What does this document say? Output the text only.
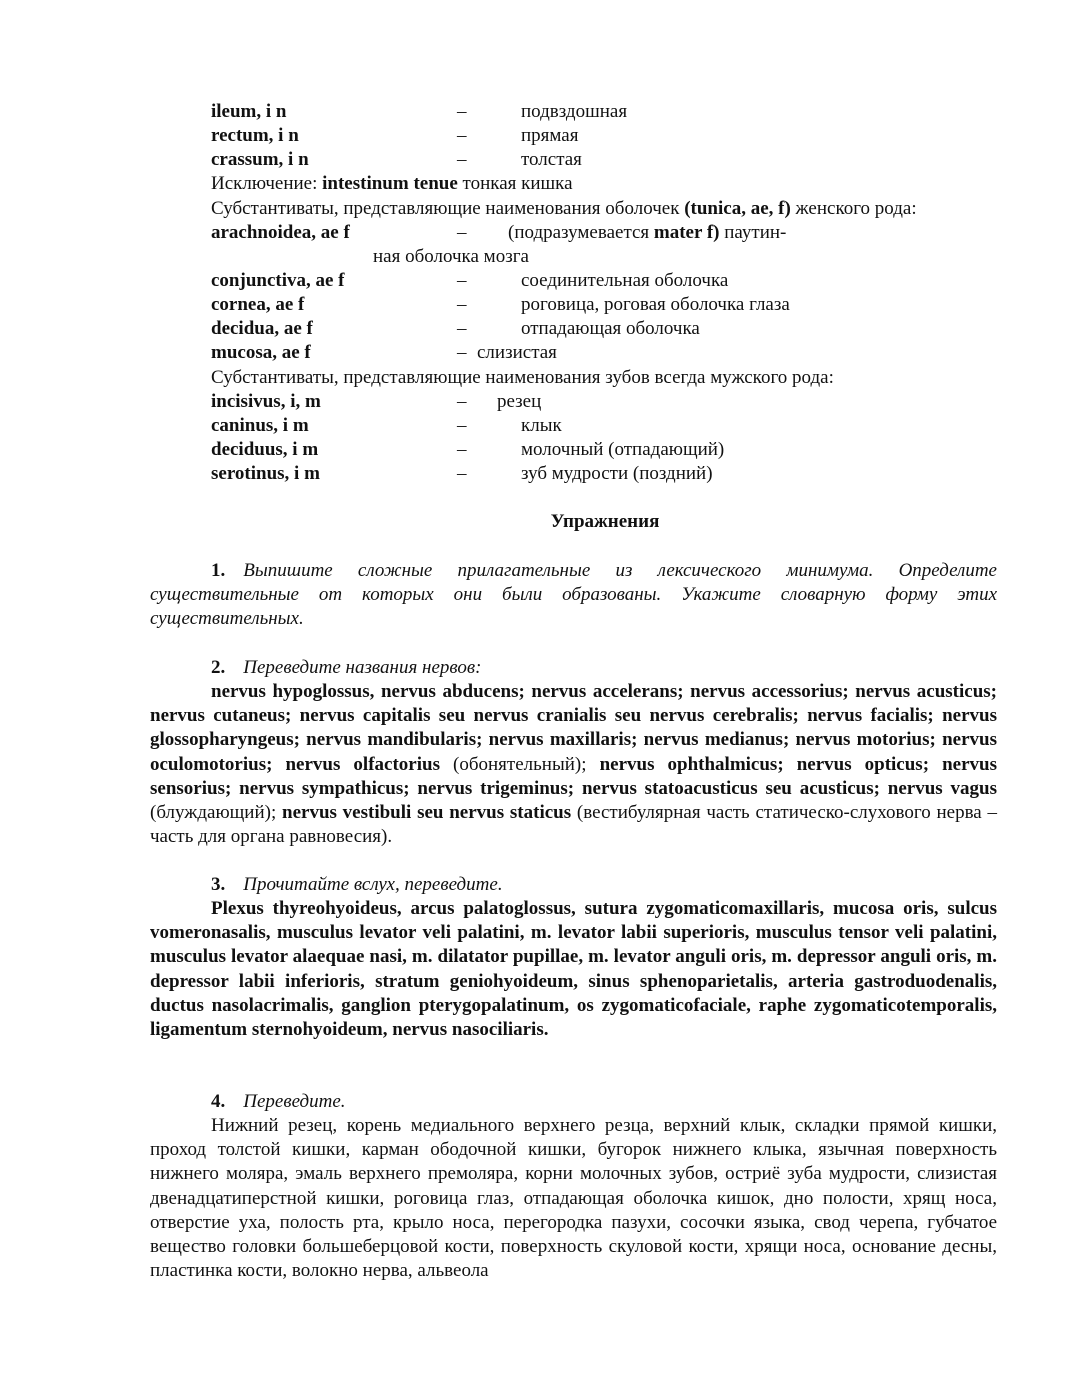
ileum, i n	–	подвздошная
rectum, i n	–	прямая
crassum, i n	–	толстая
Исключение: intestinum tenue тонкая кишка
Субстантиваты, представляющие наименования оболочек (tunica, ae, f) женского рода:
arachnoidea, ae f	– (подразумевается mater f) паутин-
ная оболочка мозга
conjunctiva, ae f	–	соединительная оболочка
cornea, ae f	–	роговица, роговая оболочка глаза
decidua, ae f	–	отпадающая оболочка
mucosa, ae f	– слизистая
Субстантиваты, представляющие наименования зубов всегда мужского рода:
incisivus, i, m	– резец
caninus, i m	–	клык
deciduus, i m	–	молочный (отпадающий)
serotinus, i m	–	зуб мудрости (поздний)
Упражнения
1. Выпишите сложные прилагательные из лексического минимума. Определите существительные от которых они были образованы. Укажите словарную форму этих существительных.
2. Переведите названия нервов:
nervus hypoglossus, nervus abducens; nervus accelerans; nervus accessorius; nervus acusticus; nervus cutaneus; nervus capitalis seu nervus cranialis seu nervus cerebralis; nervus facialis; nervus glossopharyngeus; nervus mandibularis; nervus maxillaris; nervus medianus; nervus motorius; nervus oculomotorius; nervus olfactorius (обонятельный); nervus ophthalmicus; nervus opticus; nervus sensorius; nervus sympathicus; nervus trigeminus; nervus statoacusticus seu acusticus; nervus vagus (блуждающий); nervus vestibuli seu nervus staticus (вестибулярная часть статическо-слухового нерва – часть для органа равновесия).
3. Прочитайте вслух, переведите.
Plexus thyreohyoideus, arcus palatoglossus, sutura zygomaticomaxillaris, mucosa oris, sulcus vomeronasalis, musculus levator veli palatini, m. levator labii superioris, musculus tensor veli palatini, musculus levator alaequae nasi, m. dilatator pupillae, m. levator anguli oris, m. depressor anguli oris, m. depressor labii inferioris, stratum geniohyoideum, sinus sphenoparietalis, arteria gastroduodenalis, ductus nasolacrimalis, ganglion pterygopalatinum, os zygomaticofaciale, raphe zygomaticotemporalis, ligamentum sternohyoideum, nervus nasociliaris.
4. Переведите.
Нижний резец, корень медиального верхнего резца, верхний клык, складки прямой кишки, проход толстой кишки, карман ободочной кишки, бугорок нижнего клыка, язычная поверхность нижнего моляра, эмаль верхнего премоляра, корни молочных зубов, остриё зуба мудрости, слизистая двенадцатиперстной кишки, роговица глаз, отпадающая оболочка кишок, дно полости, хрящ носа, отверстие уха, полость рта, крыло носа, перегородка пазухи, сосочки языка, свод черепа, губчатое вещество головки большеберцовой кости, поверхность скуловой кости, хрящи носа, основание десны, пластинка кости, волокно нерва, альвеола
